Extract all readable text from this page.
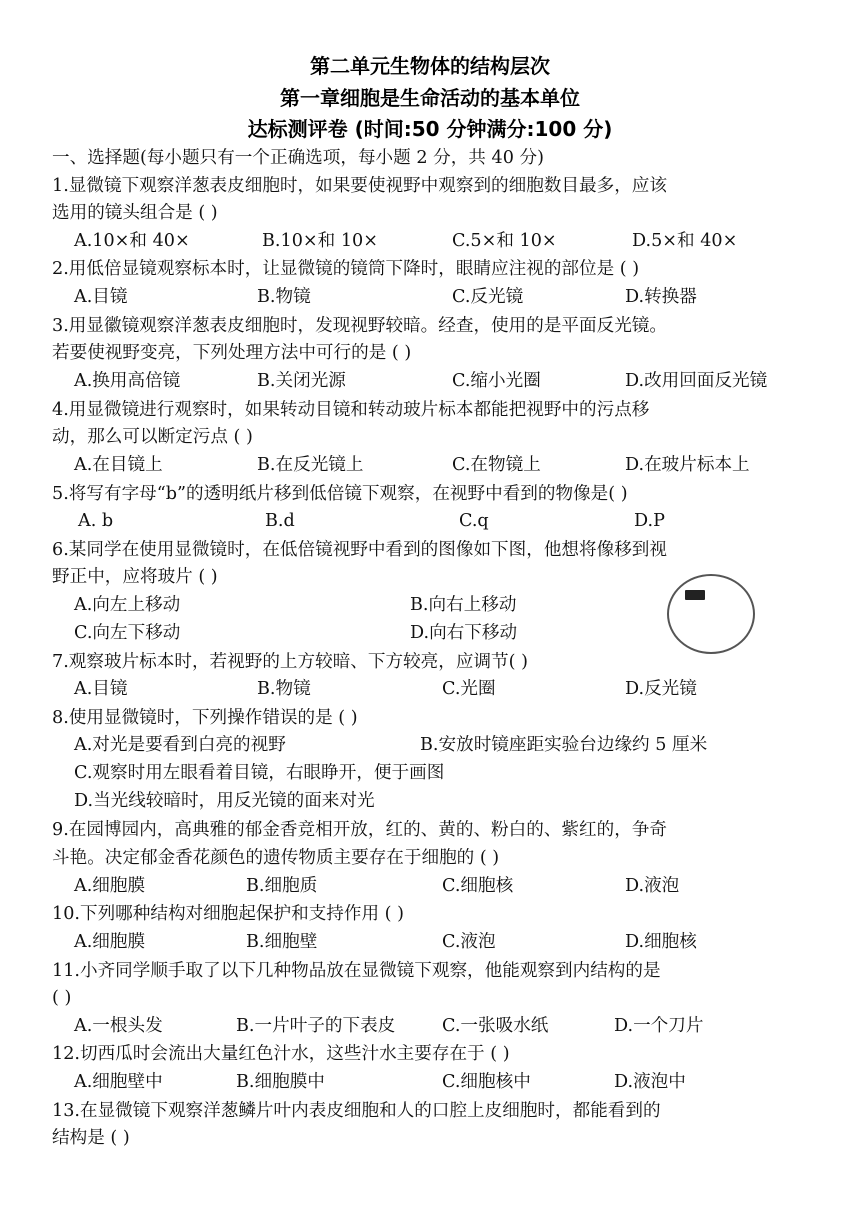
第二单元生物体的结构层次
第一章细胞是生命活动的基本单位
达标测评卷 (时间:50 分钟满分:100 分)
一、选择题(每小题只有一个正确选项，每小题 2 分，共 40 分)
1.显微镜下观察洋葱表皮细胞时，如果要使视野中观察到的细胞数目最多，应该
选用的镜头组合是 ( )
A.10×和 40×	B.10×和 10×	C.5×和 10×	D.5×和 40×
2.用低倍显镜观察标本时，让显微镜的镜筒下降时，眼睛应注视的部位是 ( )
A.目镜	B.物镜	C.反光镜	D.转换器
3.用显徽镜观察洋葱表皮细胞时，发现视野较暗。经查，使用的是平面反光镜。
若要使视野变亮，下列处理方法中可行的是 ( )
A.换用高倍镜	B.关闭光源	C.缩小光圈	D.改用回面反光镜
4.用显微镜进行观察时，如果转动目镜和转动玻片标本都能把视野中的污点移
动，那么可以断定污点 ( )
A.在目镜上	B.在反光镜上	C.在物镜上	D.在玻片标本上
5.将写有字母“b”的透明纸片移到低倍镜下观察，在视野中看到的物像是( )
A. b	B.d	C.q	D.P
6.某同学在使用显微镜时，在低倍镜视野中看到的图像如下图，他想将像移到视
野正中，应将玻片 ( )
A.向左上移动	B.向右上移动
C.向左下移动	D.向右下移动
7.观察玻片标本时，若视野的上方较暗、下方较亮，应调节( )
A.目镜	B.物镜	C.光圈	D.反光镜
8.使用显微镜时，下列操作错误的是 ( )
A.对光是要看到白亮的视野	B.安放时镜座距实验台边缘约 5 厘米
C.观察时用左眼看着目镜，右眼睁开，便于画图
D.当光线较暗时，用反光镜的面来对光
9.在园博园内，高典雅的郁金香竞相开放，红的、黄的、粉白的、紫红的，争奇
斗艳。决定郁金香花颜色的遗传物质主要存在于细胞的 ( )
A.细胞膜	B.细胞质	C.细胞核	D.液泡
10.下列哪种结构对细胞起保护和支持作用 ( )
A.细胞膜	B.细胞壁	C.液泡	D.细胞核
11.小齐同学顺手取了以下几种物品放在显微镜下观察，他能观察到内结构的是
( )
A.一根头发	B.一片叶子的下表皮	C.一张吸水纸	D.一个刀片
12.切西瓜时会流出大量红色汁水，这些汁水主要存在于 ( )
A.细胞壁中	B.细胞膜中	C.细胞核中	D.液泡中
13.在显微镜下观察洋葱鳞片叶内表皮细胞和人的口腔上皮细胞时，都能看到的
结构是 ( )
